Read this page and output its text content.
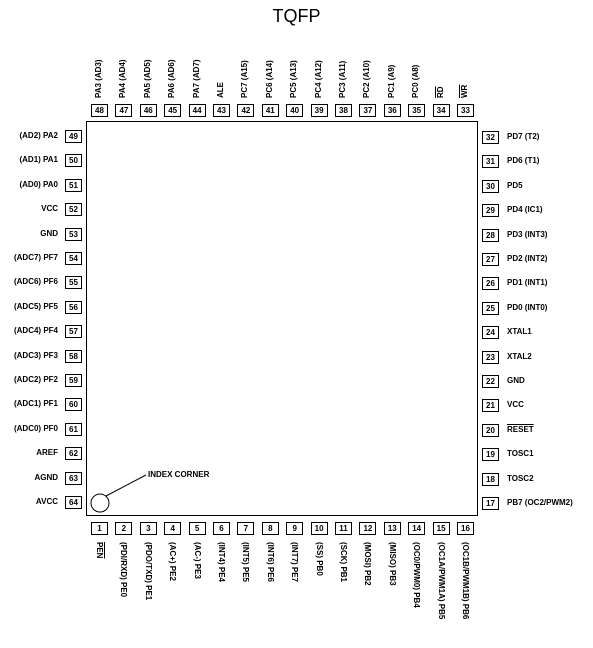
TQFP
INDEX CORNER
48
PA3 (AD3)
47
PA4 (AD4)
46
PA5 (AD5)
45
PA6 (AD6)
44
PA7 (AD7)
43
ALE
42
PC7 (A15)
41
PC6 (A14)
40
PC5 (A13)
39
PC4 (A12)
38
PC3 (A11)
37
PC2 (A10)
36
PC1 (A9)
35
PC0 (A8)
34
$\overline{RD}$
33
$\overline{WR}$
1
$\overline{PEN}$
2
(PDI/RXD) PE0
3
(PDO/TXD) PE1
4
(AC+) PE2
5
(AC-) PE3
6
(INT4) PE4
7
(INT5) PE5
8
(INT6) PE6
9
(INT7) PE7
10
(SS) PB0
11
(SCK) PB1
12
(MOSI) PB2
13
(MISO) PB3
14
(OC0/PWM0) PB4
15
(OC1A/PWM1A) PB5
16
(OC1B/PWM1B) PB6
49
(AD2) PA2
50
(AD1) PA1
51
(AD0) PA0
52
VCC
53
GND
54
(ADC7) PF7
55
(ADC6) PF6
56
(ADC5) PF5
57
(ADC4) PF4
58
(ADC3) PF3
59
(ADC2) PF2
60
(ADC1) PF1
61
(ADC0) PF0
62
AREF
63
AGND
64
AVCC
32	PD7 (T2)
31	PD6 (T1)
30	PD5
29	PD4 (IC1)
28	PD3 (INT3)
27	PD2 (INT2)
26	PD1 (INT1)
25	PD0 (INT0)
24	XTAL1
23	XTAL2
22	GND
21	VCC
20	RESET
19	TOSC1
18	TOSC2
17	PB7 (OC2/PWM2)
